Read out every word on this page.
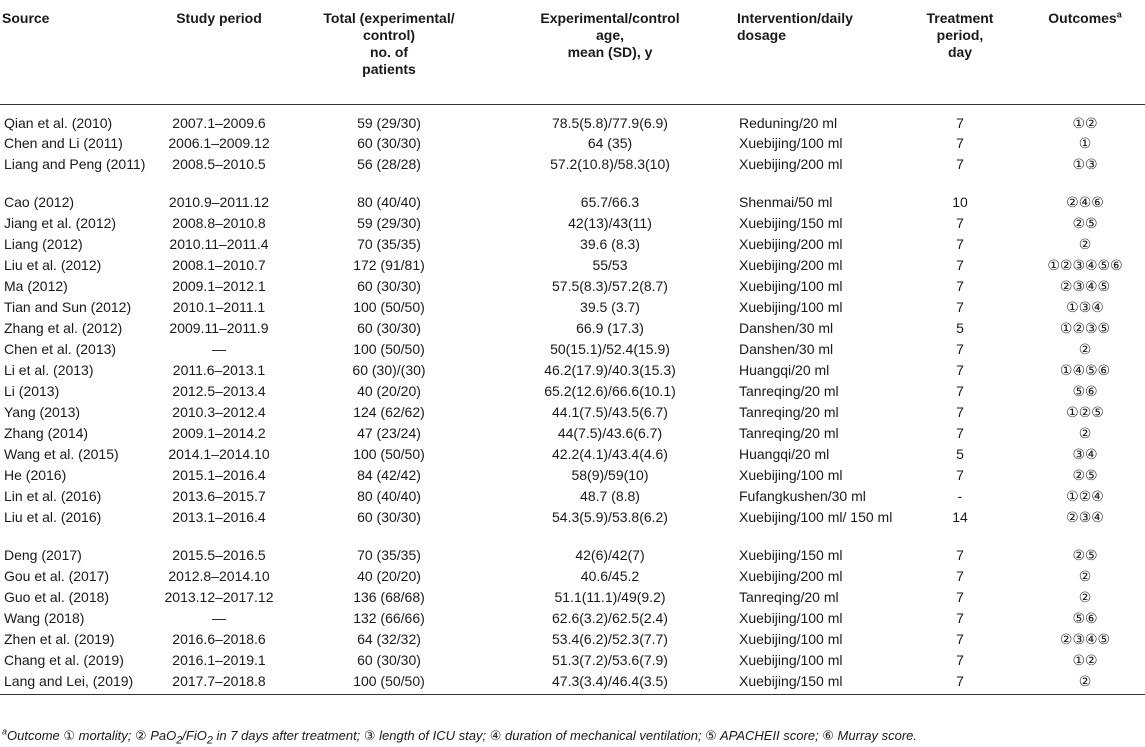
Source	Study period	Total (experimental/
control)
no. of
patients	Experimental/control
age,
mean (SD), y	Intervention/daily
dosage	Treatment
period,
day	Outcomes$^a$
Qian et al. (2010)	2007.1–2009.6	59 (29/30)	78.5(5.8)/77.9(6.9)	Reduning/20 ml	7	①②
Chen and Li (2011)	2006.1–2009.12	60 (30/30)	64 (35)	Xuebijing/100 ml	7	①
Liang and Peng (2011)	2008.5–2010.5	56 (28/28)	57.2(10.8)/58.3(10)	Xuebijing/200 ml	7	①③
Cao (2012)	2010.9–2011.12	80 (40/40)	65.7/66.3	Shenmai/50 ml	10	②④⑥
Jiang et al. (2012)	2008.8–2010.8	59 (29/30)	42(13)/43(11)	Xuebijing/150 ml	7	②⑤
Liang (2012)	2010.11–2011.4	70 (35/35)	39.6 (8.3)	Xuebijing/200 ml	7	②
Liu et al. (2012)	2008.1–2010.7	172 (91/81)	55/53	Xuebijing/200 ml	7	①②③④⑤⑥
Ma (2012)	2009.1–2012.1	60 (30/30)	57.5(8.3)/57.2(8.7)	Xuebijing/100 ml	7	②③④⑤
Tian and Sun (2012)	2010.1–2011.1	100 (50/50)	39.5 (3.7)	Xuebijing/100 ml	7	①③④
Zhang et al. (2012)	2009.11–2011.9	60 (30/30)	66.9 (17.3)	Danshen/30 ml	5	①②③⑤
Chen et al. (2013)	—	100 (50/50)	50(15.1)/52.4(15.9)	Danshen/30 ml	7	②
Li et al. (2013)	2011.6–2013.1	60 (30)/(30)	46.2(17.9)/40.3(15.3)	Huangqi/20 ml	7	①④⑤⑥
Li (2013)	2012.5–2013.4	40 (20/20)	65.2(12.6)/66.6(10.1)	Tanreqing/20 ml	7	⑤⑥
Yang (2013)	2010.3–2012.4	124 (62/62)	44.1(7.5)/43.5(6.7)	Tanreqing/20 ml	7	①②⑤
Zhang (2014)	2009.1–2014.2	47 (23/24)	44(7.5)/43.6(6.7)	Tanreqing/20 ml	7	②
Wang et al. (2015)	2014.1–2014.10	100 (50/50)	42.2(4.1)/43.4(4.6)	Huangqi/20 ml	5	③④
He (2016)	2015.1–2016.4	84 (42/42)	58(9)/59(10)	Xuebijing/100 ml	7	②⑤
Lin et al. (2016)	2013.6–2015.7	80 (40/40)	48.7 (8.8)	Fufangkushen/30 ml	-	①②④
Liu et al. (2016)	2013.1–2016.4	60 (30/30)	54.3(5.9)/53.8(6.2)	Xuebijing/100 ml/ 150 ml	14	②③④
Deng (2017)	2015.5–2016.5	70 (35/35)	42(6)/42(7)	Xuebijing/150 ml	7	②⑤
Gou et al. (2017)	2012.8–2014.10	40 (20/20)	40.6/45.2	Xuebijing/200 ml	7	②
Guo et al. (2018)	2013.12–2017.12	136 (68/68)	51.1(11.1)/49(9.2)	Tanreqing/20 ml	7	②
Wang (2018)	—	132 (66/66)	62.6(3.2)/62.5(2.4)	Xuebijing/100 ml	7	⑤⑥
Zhen et al. (2019)	2016.6–2018.6	64 (32/32)	53.4(6.2)/52.3(7.7)	Xuebijing/100 ml	7	②③④⑤
Chang et al. (2019)	2016.1–2019.1	60 (30/30)	51.3(7.2)/53.6(7.9)	Xuebijing/100 ml	7	①②
Lang and Lei, (2019)	2017.7–2018.8	100 (50/50)	47.3(3.4)/46.4(3.5)	Xuebijing/150 ml	7	②
$^a$Outcome ① mortality; ② PaO$_2$/FiO$_2$ in 7 days after treatment; ③ length of ICU stay; ④ duration of mechanical ventilation; ⑤ APACHEII score; ⑥ Murray score.
